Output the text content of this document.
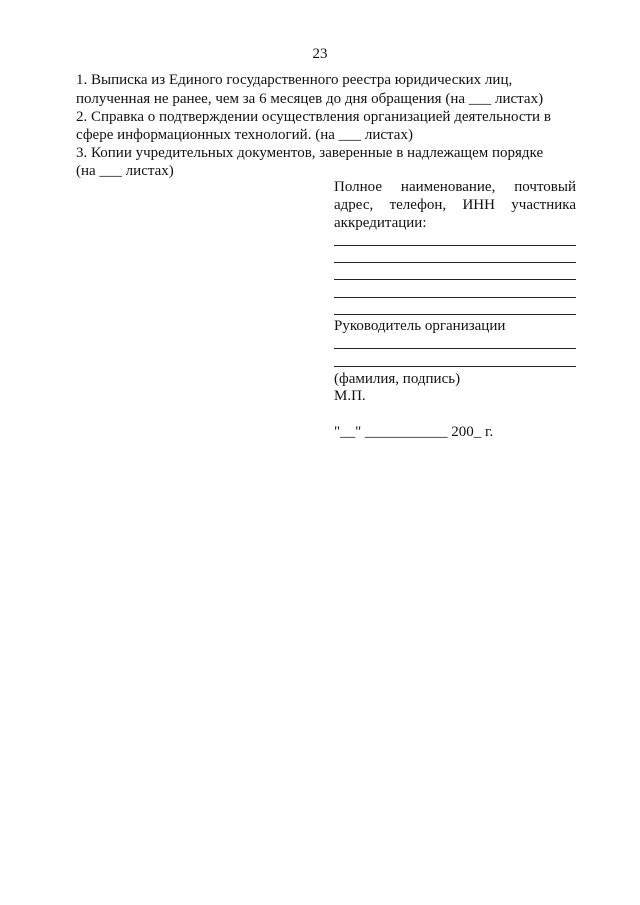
23
1. Выписка из Единого государственного реестра юридических лиц,
полученная не ранее, чем за 6 месяцев до дня обращения (на ___ листах)
2. Справка о подтверждении осуществления организацией деятельности в
сфере информационных технологий. (на ___ листах)
3. Копии учредительных документов, заверенные в надлежащем порядке
(на ___ листах)
Полное наименование, почтовый
адрес, телефон, ИНН участника
аккредитации:
Руководитель организации
(фамилия, подпись)
М.П.
"__" ___________ 200_ г.
